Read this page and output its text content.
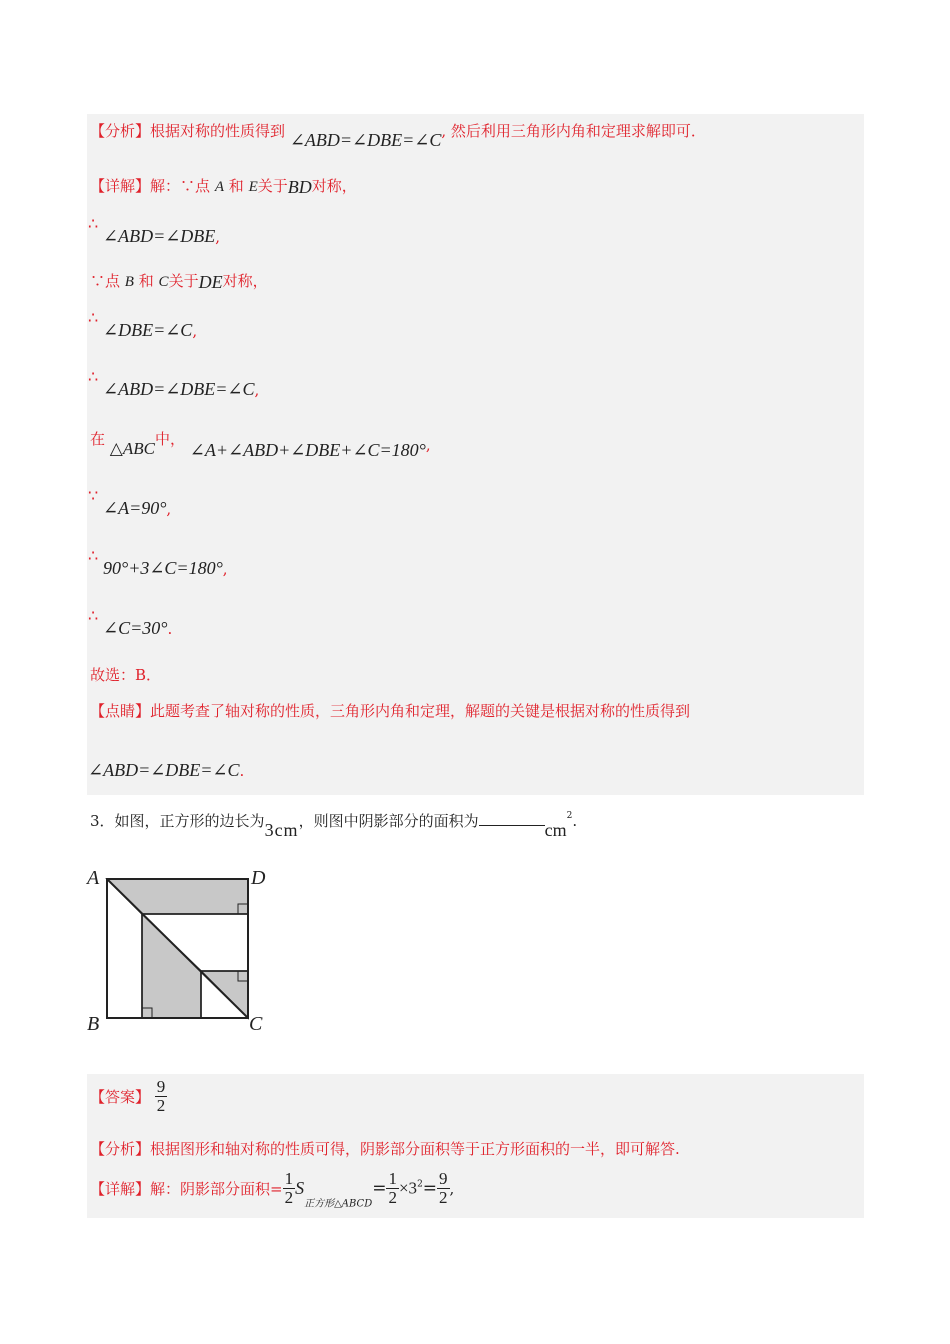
【分析】根据对称的性质得到 ∠ABD=∠DBE=∠C, 然后利用三角形内角和定理求解即可．
【详解】解：∵点 A 和 E关于BD对称，
∴
∠ABD=∠DBE,
∵点 B 和 C关于DE对称，
∴
∠DBE=∠C,
∴
∠ABD=∠DBE=∠C,
在 △ABC中， ∠A+∠ABD+∠DBE+∠C=180°,
∵
∠A=90°,
∴
90°+3∠C=180°,
∴
∠C=30°.
故选：B．
【点睛】此题考查了轴对称的性质，三角形内角和定理，解题的关键是根据对称的性质得到
∠ABD=∠DBE=∠C.
3．如图，正方形的边长为3cm，则图中阴影部分的面积为	$cm^2$.
A	D
B	C
【答案】 $\frac{9}{2}$
【分析】根据图形和轴对称的性质可得，阴影部分面积等于正方形面积的一半，即可解答.
【详解】解：阴影部分面积= $\frac{1}{2} S_{正方形\triangle ABCD}= \frac{1}{2} \times 3^2= \frac{9}{2}$ ,
